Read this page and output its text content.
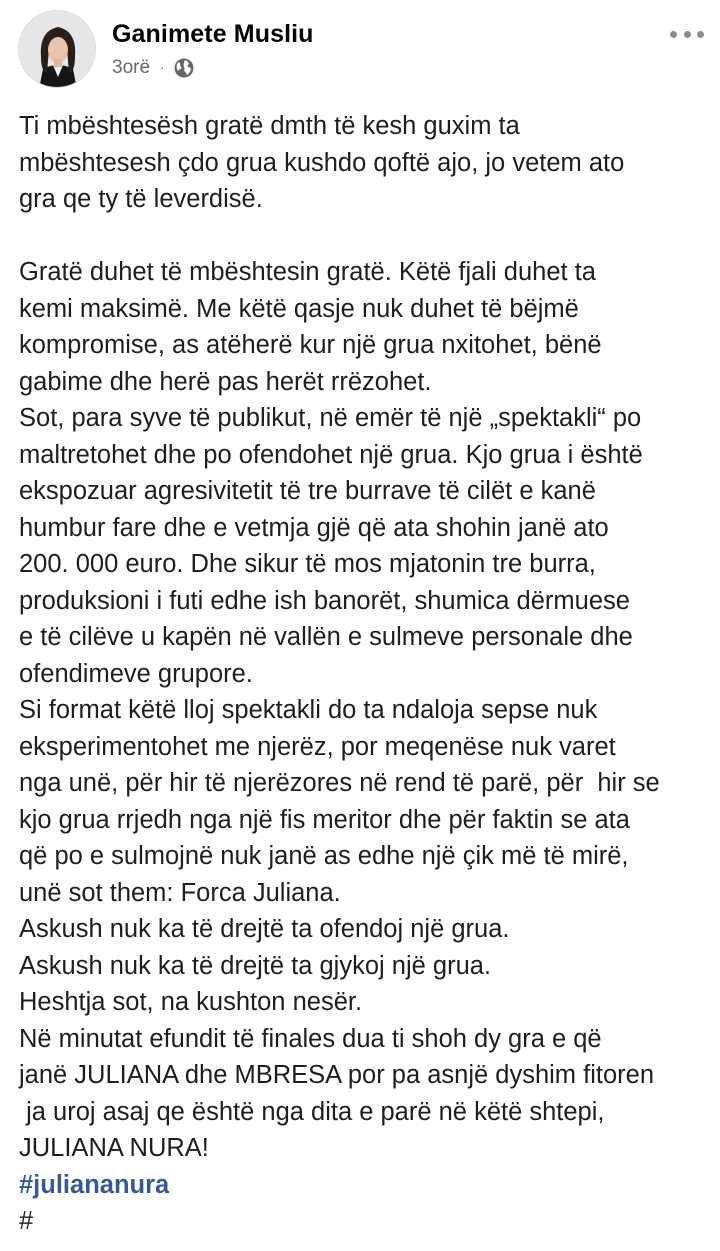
Ganimete Musliu
3orë ·
Ti mbështesësh gratë dmth të kesh guxim ta
mbështesesh çdo grua kushdo qoftë ajo, jo vetem ato
gra qe ty të leverdisë.
Gratë duhet të mbështesin gratë. Këtë fjali duhet ta
kemi maksimë. Me këtë qasje nuk duhet të bëjmë
kompromise, as atëherë kur një grua nxitohet, bënë
gabime dhe herë pas herët rrëzohet.
Sot, para syve të publikut, në emër të një „spektakli“ po
maltretohet dhe po ofendohet një grua. Kjo grua i është
ekspozuar agresivitetit të tre burrave të cilët e kanë
humbur fare dhe e vetmja gjë që ata shohin janë ato
200. 000 euro. Dhe sikur të mos mjatonin tre burra,
produksioni i futi edhe ish banorët, shumica dërmuese
e të cilëve u kapën në vallën e sulmeve personale dhe
ofendimeve grupore.
Si format këtë lloj spektakli do ta ndaloja sepse nuk
eksperimentohet me njerëz, por meqenëse nuk varet
nga unë, për hir të njerëzores në rend të parë, për  hir se
kjo grua rrjedh nga një fis meritor dhe për faktin se ata
që po e sulmojnë nuk janë as edhe një çik më të mirë,
unë sot them: Forca Juliana.
Askush nuk ka të drejtë ta ofendoj një grua.
Askush nuk ka të drejtë ta gjykoj një grua.
Heshtja sot, na kushton nesër.
Në minutat efundit të finales dua ti shoh dy gra e që
janë JULIANA dhe MBRESA por pa asnjë dyshim fitoren
ja uroj asaj qe është nga dita e parë në këtë shtepi,
JULIANA NURA!
#juliananura
#
